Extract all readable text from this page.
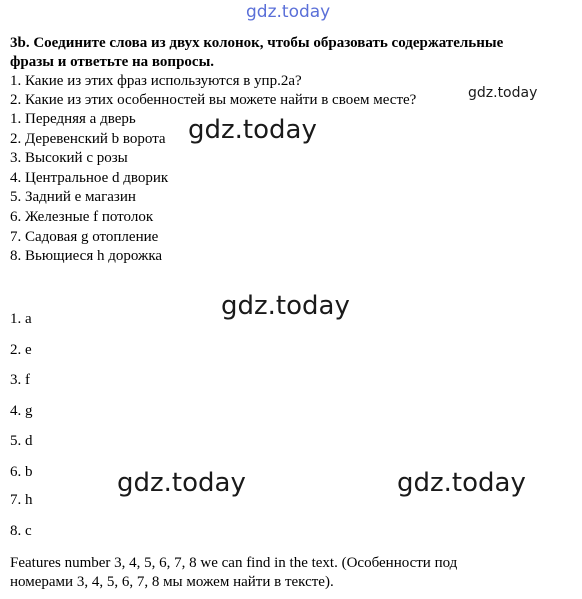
gdz.today
gdz.today
gdz.today
gdz.today
gdz.today	gdz.today
3b. Соедините слова из двух колонок, чтобы образовать содержательные
фразы и ответьте на вопросы.
1. Какие из этих фраз используются в упр.2а?
2. Какие из этих особенностей вы можете найти в своем месте?
1. Передняя a дверь
2. Деревенский b ворота
3. Высокий c розы
4. Центральное d дворик
5. Задний e магазин
6. Железные f потолок
7. Садовая g отопление
8. Вьющиеся h дорожка
1. a
2. e
3. f
4. g
5. d
6. b
7. h
8. c
Features number 3, 4, 5, 6, 7, 8 we can find in the text. (Особенности под
номерами 3, 4, 5, 6, 7, 8 мы можем найти в тексте).
